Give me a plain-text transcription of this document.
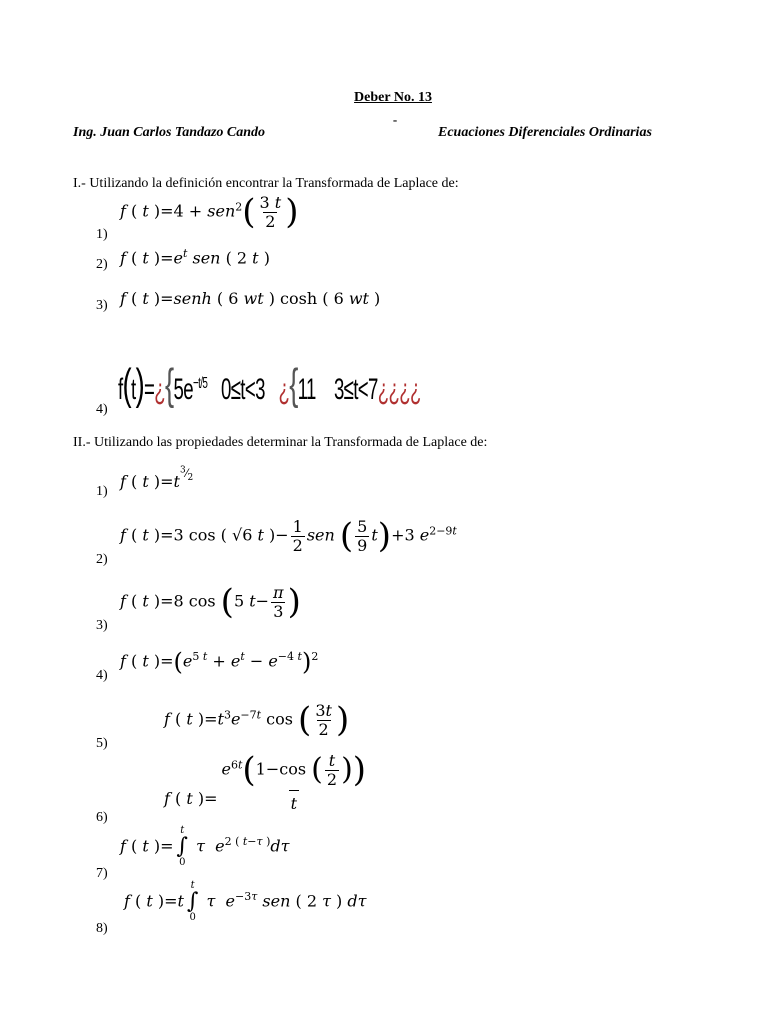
Deber No. 13
-
Ing. Juan Carlos Tandazo Cando	Ecuaciones Diferenciales Ordinarias
I.- Utilizando la definición encontrar la Transformada de Laplace de:
1)
f ( t )$=4 + sen^2( \frac{3 t}{2}$ )
2) f ( t )$=e^t$ sen ( 2 t )
3) f ( t )=senh ( 6 wt ) cosh ( 6 wt )
4)
$f(t)=¿\{5e^{-t/5}$   0≤t<3   ¿{11    3≤t<7¿¿¿¿
II.- Utilizando las propiedades determinar la Transformada de Laplace de:
1)
f ( t )$=t^{^3⁄_2}$
2)
f ( t )=3 cos ( √6 t )− $\frac{1}{2}$ sen ( $\frac{5}{9} t)+3$ $e^{2-9t}$
3)
f ( t )=8 cos (5 $t- \frac{\pi}{3}$ )
4)
f ( t )$=(e^{5 t} + e^t - e^{-4 t})^2$
5)
f ( t )$=t^3e^{-7t}$ cos ( $\frac{3t}{2}$ )
6)
f ( t )= $\frac{e^{6t}(1-\cos ( \frac{t}{2} ))}{t}$
7)
f ( t )=
t
∫
0
τ $e^{2 ( t-\tau )}d\tau$
8)
f ( t )=t
t
∫
0
τ $e^{-3\tau}$ sen ( 2 τ ) dτ
